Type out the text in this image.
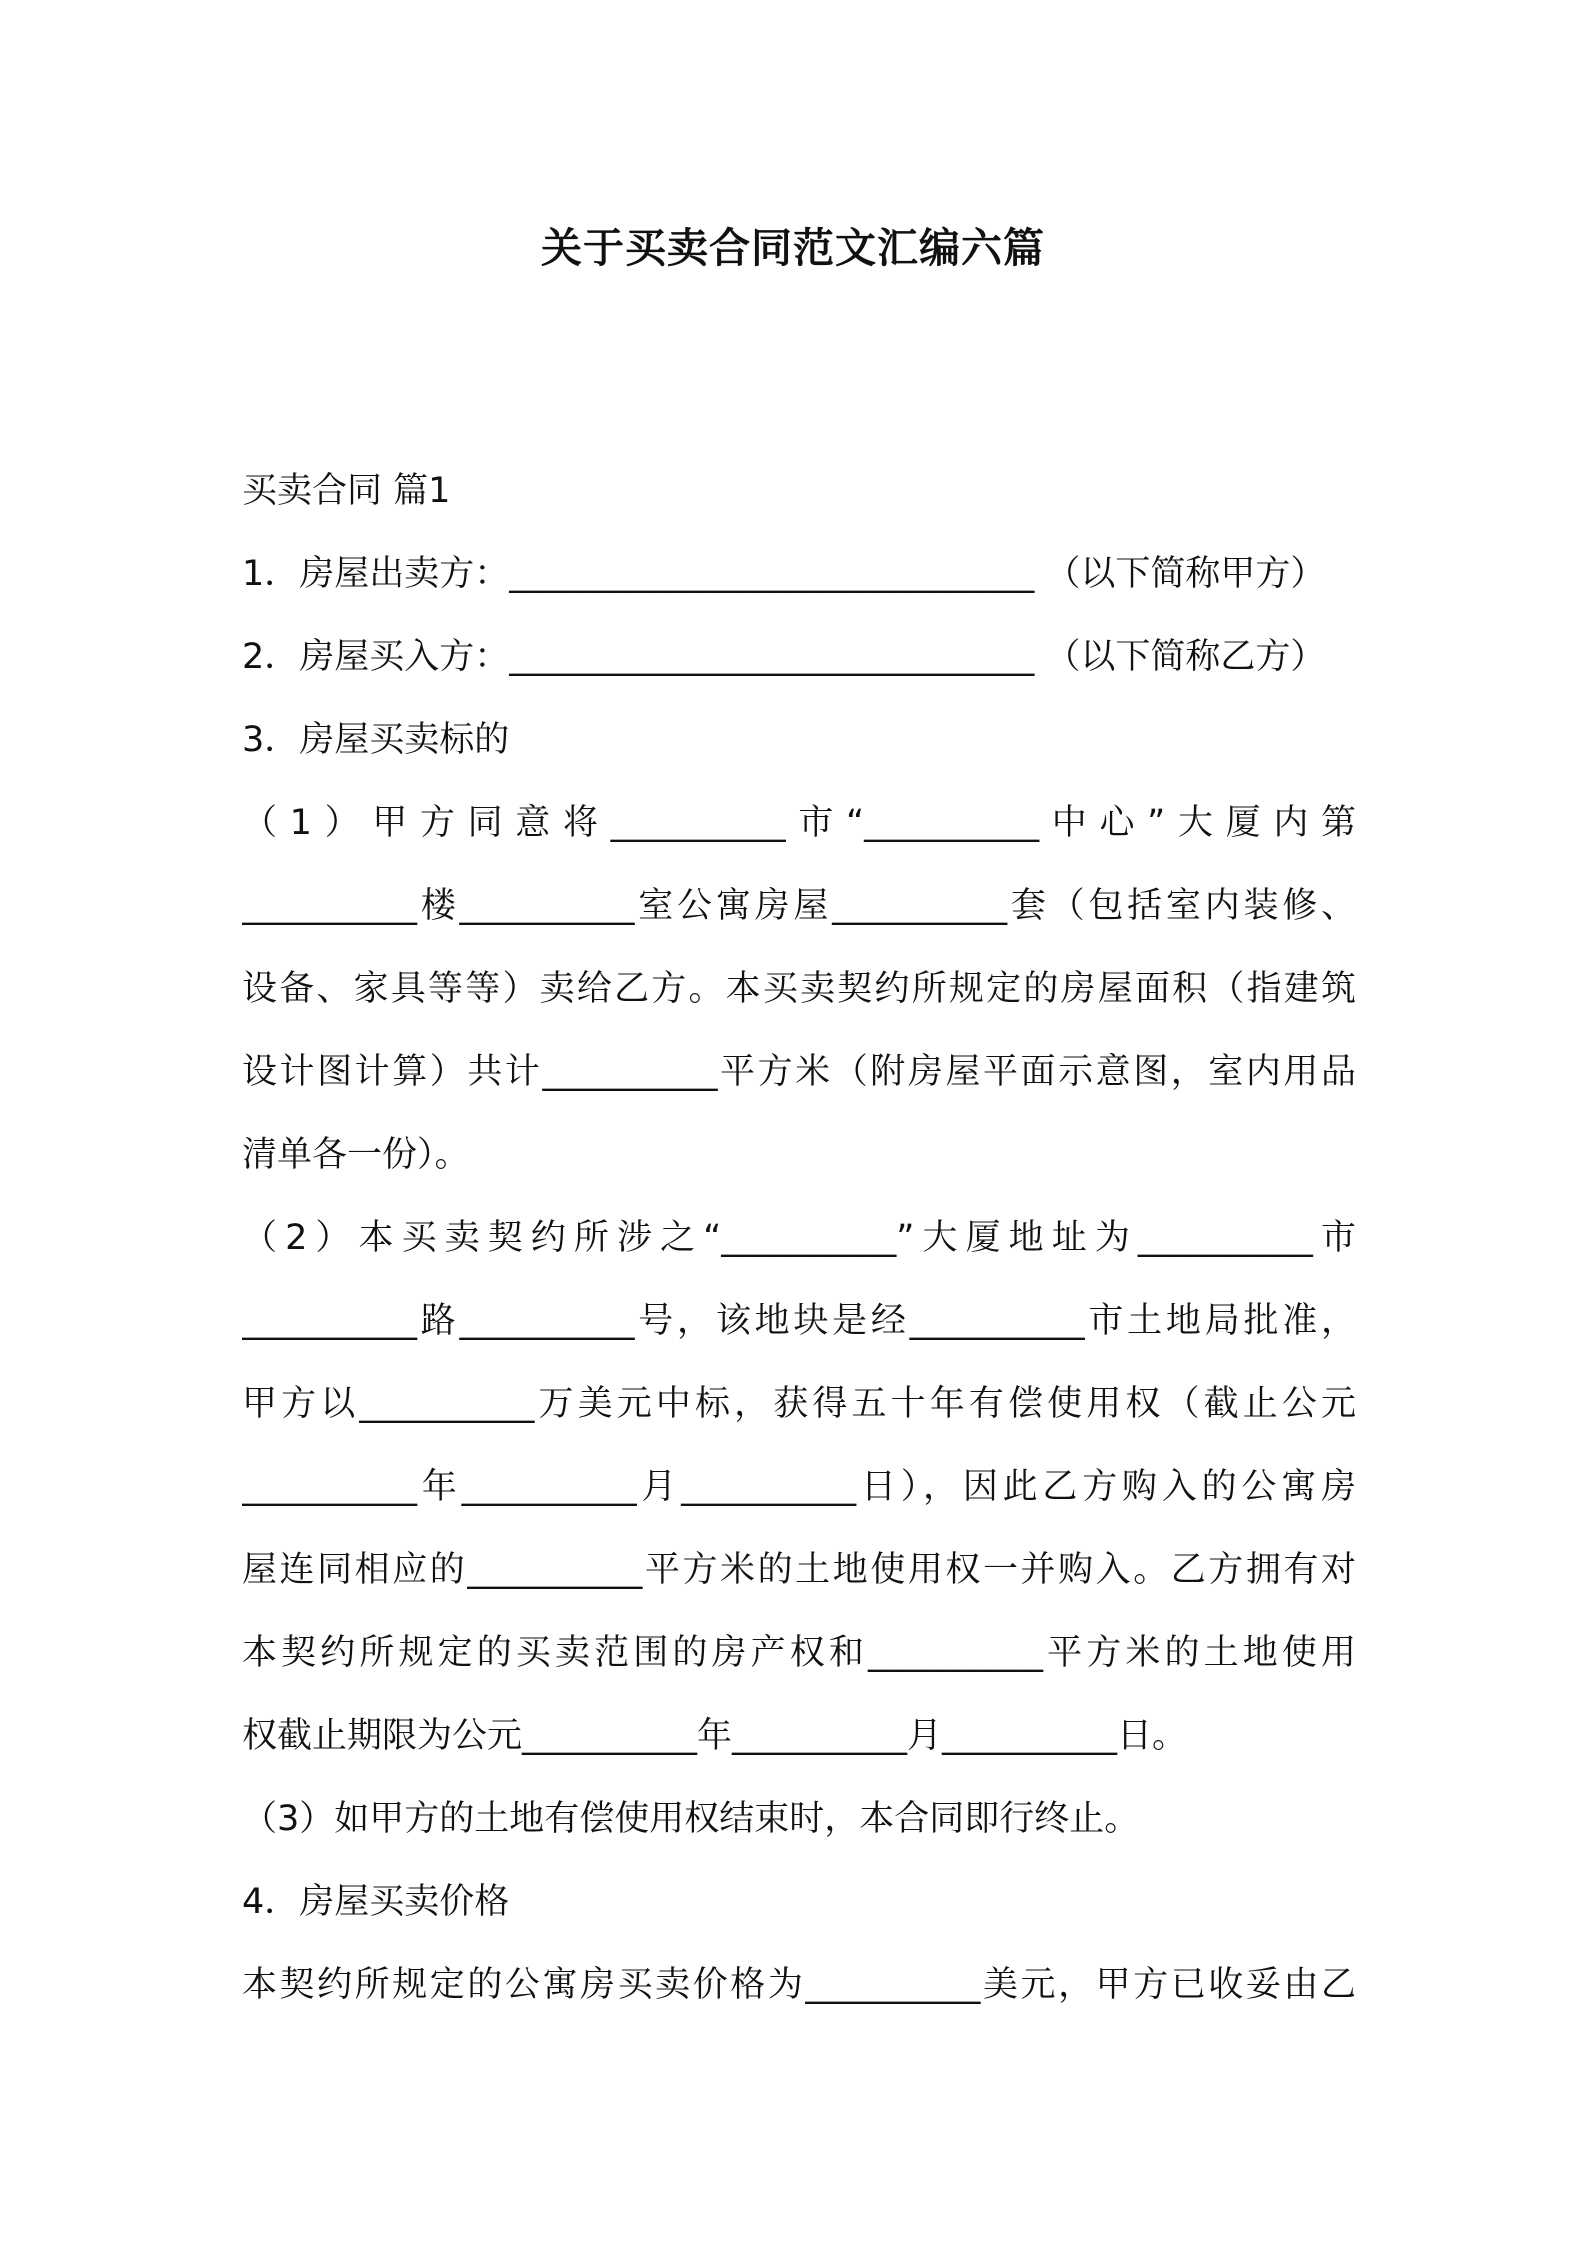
关于买卖合同范文汇编六篇
买卖合同 篇1
1．房屋出卖方：______________________________ （以下简称甲方）
2．房屋买入方：______________________________ （以下简称乙方）
3．房屋买卖标的
（1）甲方同意将__________市“__________中心”大厦内第
__________楼__________室公寓房屋__________套（包括室内装修、
设备、家具等等）卖给乙方。本买卖契约所规定的房屋面积（指建筑
设计图计算）共计__________平方米（附房屋平面示意图，室内用品
清单各一份）。
（2）本买卖契约所涉之“__________”大厦地址为__________市
__________路__________号，该地块是经__________市土地局批准，
甲方以__________万美元中标，获得五十年有偿使用权（截止公元
__________年__________月__________日），因此乙方购入的公寓房
屋连同相应的__________平方米的土地使用权一并购入。乙方拥有对
本契约所规定的买卖范围的房产权和__________平方米的土地使用
权截止期限为公元__________年__________月__________日。
（3）如甲方的土地有偿使用权结束时，本合同即行终止。
4．房屋买卖价格
本契约所规定的公寓房买卖价格为__________美元，甲方已收妥由乙
